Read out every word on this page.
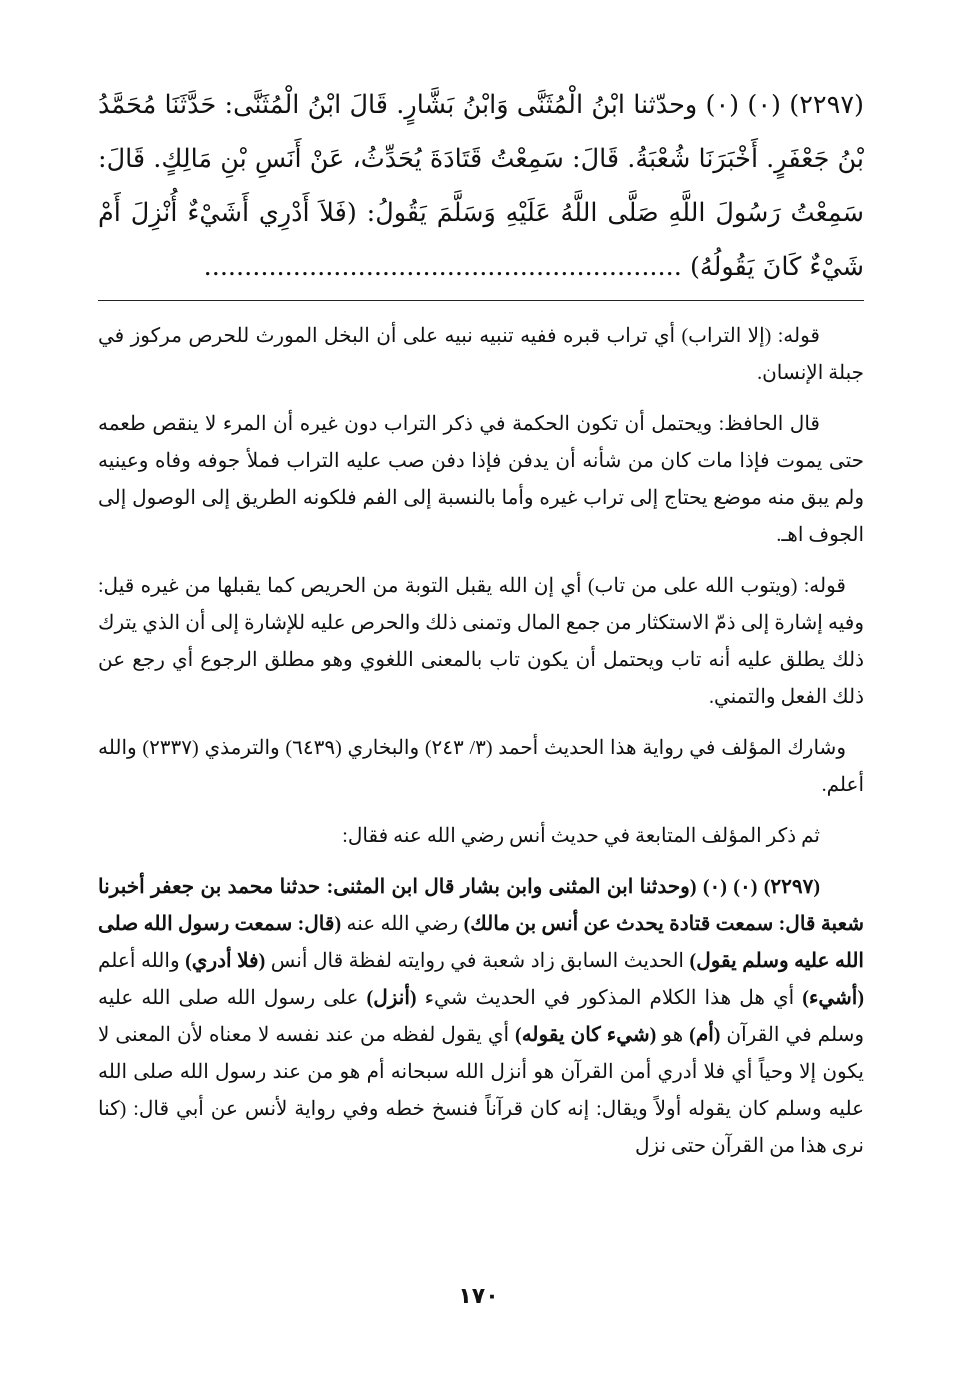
(٢٢٩٧) (٠) (٠) وحدّثنا ابْنُ الْمُثَنَّى وَابْنُ بَشَّارٍ. قَالَ ابْنُ الْمُثَنَّى: حَدَّثَنَا مُحَمَّدُ بْنُ جَعْفَرٍ. أَخْبَرَنَا شُعْبَةُ. قَالَ: سَمِعْتُ قَتَادَةَ يُحَدِّثُ، عَنْ أَنَسِ بْنِ مَالِكٍ. قَالَ: سَمِعْتُ رَسُولَ اللَّهِ صَلَّى اللَّهُ عَلَيْهِ وَسَلَّمَ يَقُولُ: (فَلاَ أَدْرِي أَشَيْءٌ أُنْزِلَ أَمْ شَيْءٌ كَانَ يَقُولُهُ) ...........................................................

قوله: (إلا التراب) أي تراب قبره ففيه تنبيه نبيه على أن البخل المورث للحرص مركوز في جبلة الإنسان.

قال الحافظ: ويحتمل أن تكون الحكمة في ذكر التراب دون غيره أن المرء لا ينقص طعمه حتى يموت فإذا مات كان من شأنه أن يدفن فإذا دفن صب عليه التراب فملأ جوفه وفاه وعينيه ولم يبق منه موضع يحتاج إلى تراب غيره وأما بالنسبة إلى الفم فلكونه الطريق إلى الوصول إلى الجوف اهـ.

قوله: (ويتوب الله على من تاب) أي إن الله يقبل التوبة من الحريص كما يقبلها من غيره قيل: وفيه إشارة إلى ذمّ الاستكثار من جمع المال وتمنى ذلك والحرص عليه للإشارة إلى أن الذي يترك ذلك يطلق عليه أنه تاب ويحتمل أن يكون تاب بالمعنى اللغوي وهو مطلق الرجوع أي رجع عن ذلك الفعل والتمني.

وشارك المؤلف في رواية هذا الحديث أحمد (٣/ ٢٤٣) والبخاري (٦٤٣٩) والترمذي (٢٣٣٧) والله أعلم.

ثم ذكر المؤلف المتابعة في حديث أنس رضي الله عنه فقال:

(٢٢٩٧) (٠) (٠) (وحدثنا ابن المثنى وابن بشار قال ابن المثنى: حدثنا محمد بن جعفر أخبرنا شعبة قال: سمعت قتادة يحدث عن أنس بن مالك) رضي الله عنه (قال: سمعت رسول الله صلى الله عليه وسلم يقول) الحديث السابق زاد شعبة في روايته لفظة قال أنس (فلا أدري) والله أعلم (أشيء) أي هل هذا الكلام المذكور في الحديث شيء (أنزل) على رسول الله صلى الله عليه وسلم في القرآن (أم) هو (شيء كان يقوله) أي يقول لفظه من عند نفسه لا معناه لأن المعنى لا يكون إلا وحياً أي فلا أدري أمن القرآن هو أنزل الله سبحانه أم هو من عند رسول الله صلى الله عليه وسلم كان يقوله أولاً ويقال: إنه كان قرآناً فنسخ خطه وفي رواية لأنس عن أبي قال: (كنا نرى هذا من القرآن حتى نزل

١٧٠
